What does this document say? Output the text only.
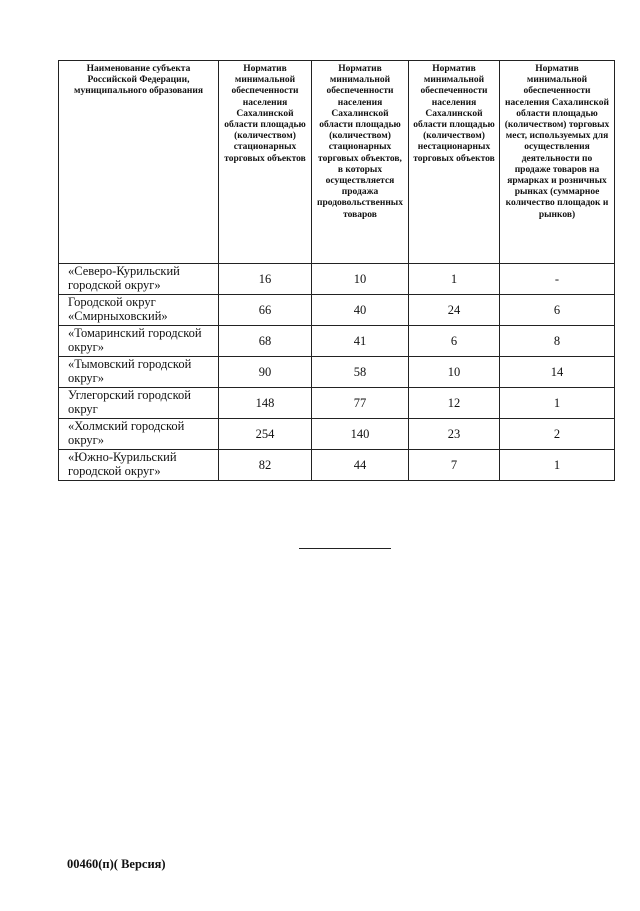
Наименование субъекта Российской Федерации, муниципального образования	Норматив минимальной обеспеченности населения Сахалинской области площадью (количеством) стационарных торговых объектов	Норматив минимальной обеспеченности населения Сахалинской области площадью (количеством) стационарных торговых объектов, в которых осуществляется продажа продовольственных товаров	Норматив минимальной обеспеченности населения Сахалинской области площадью (количеством) нестационарных торговых объектов	Норматив минимальной обеспеченности населения Сахалинской области площадью (количеством) торговых мест, используемых для осуществления деятельности по продаже товаров на ярмарках и розничных рынках (суммарное количество площадок и рынков)
«Северо-Курильский городской округ»	16	10	1	-
Городской округ «Смирныховский»	66	40	24	6
«Томаринский городской округ»	68	41	6	8
«Тымовский городской округ»	90	58	10	14
Углегорский городской округ	148	77	12	1
«Холмский городской округ»	254	140	23	2
«Южно-Курильский городской округ»	82	44	7	1
00460(п)( Версия)
